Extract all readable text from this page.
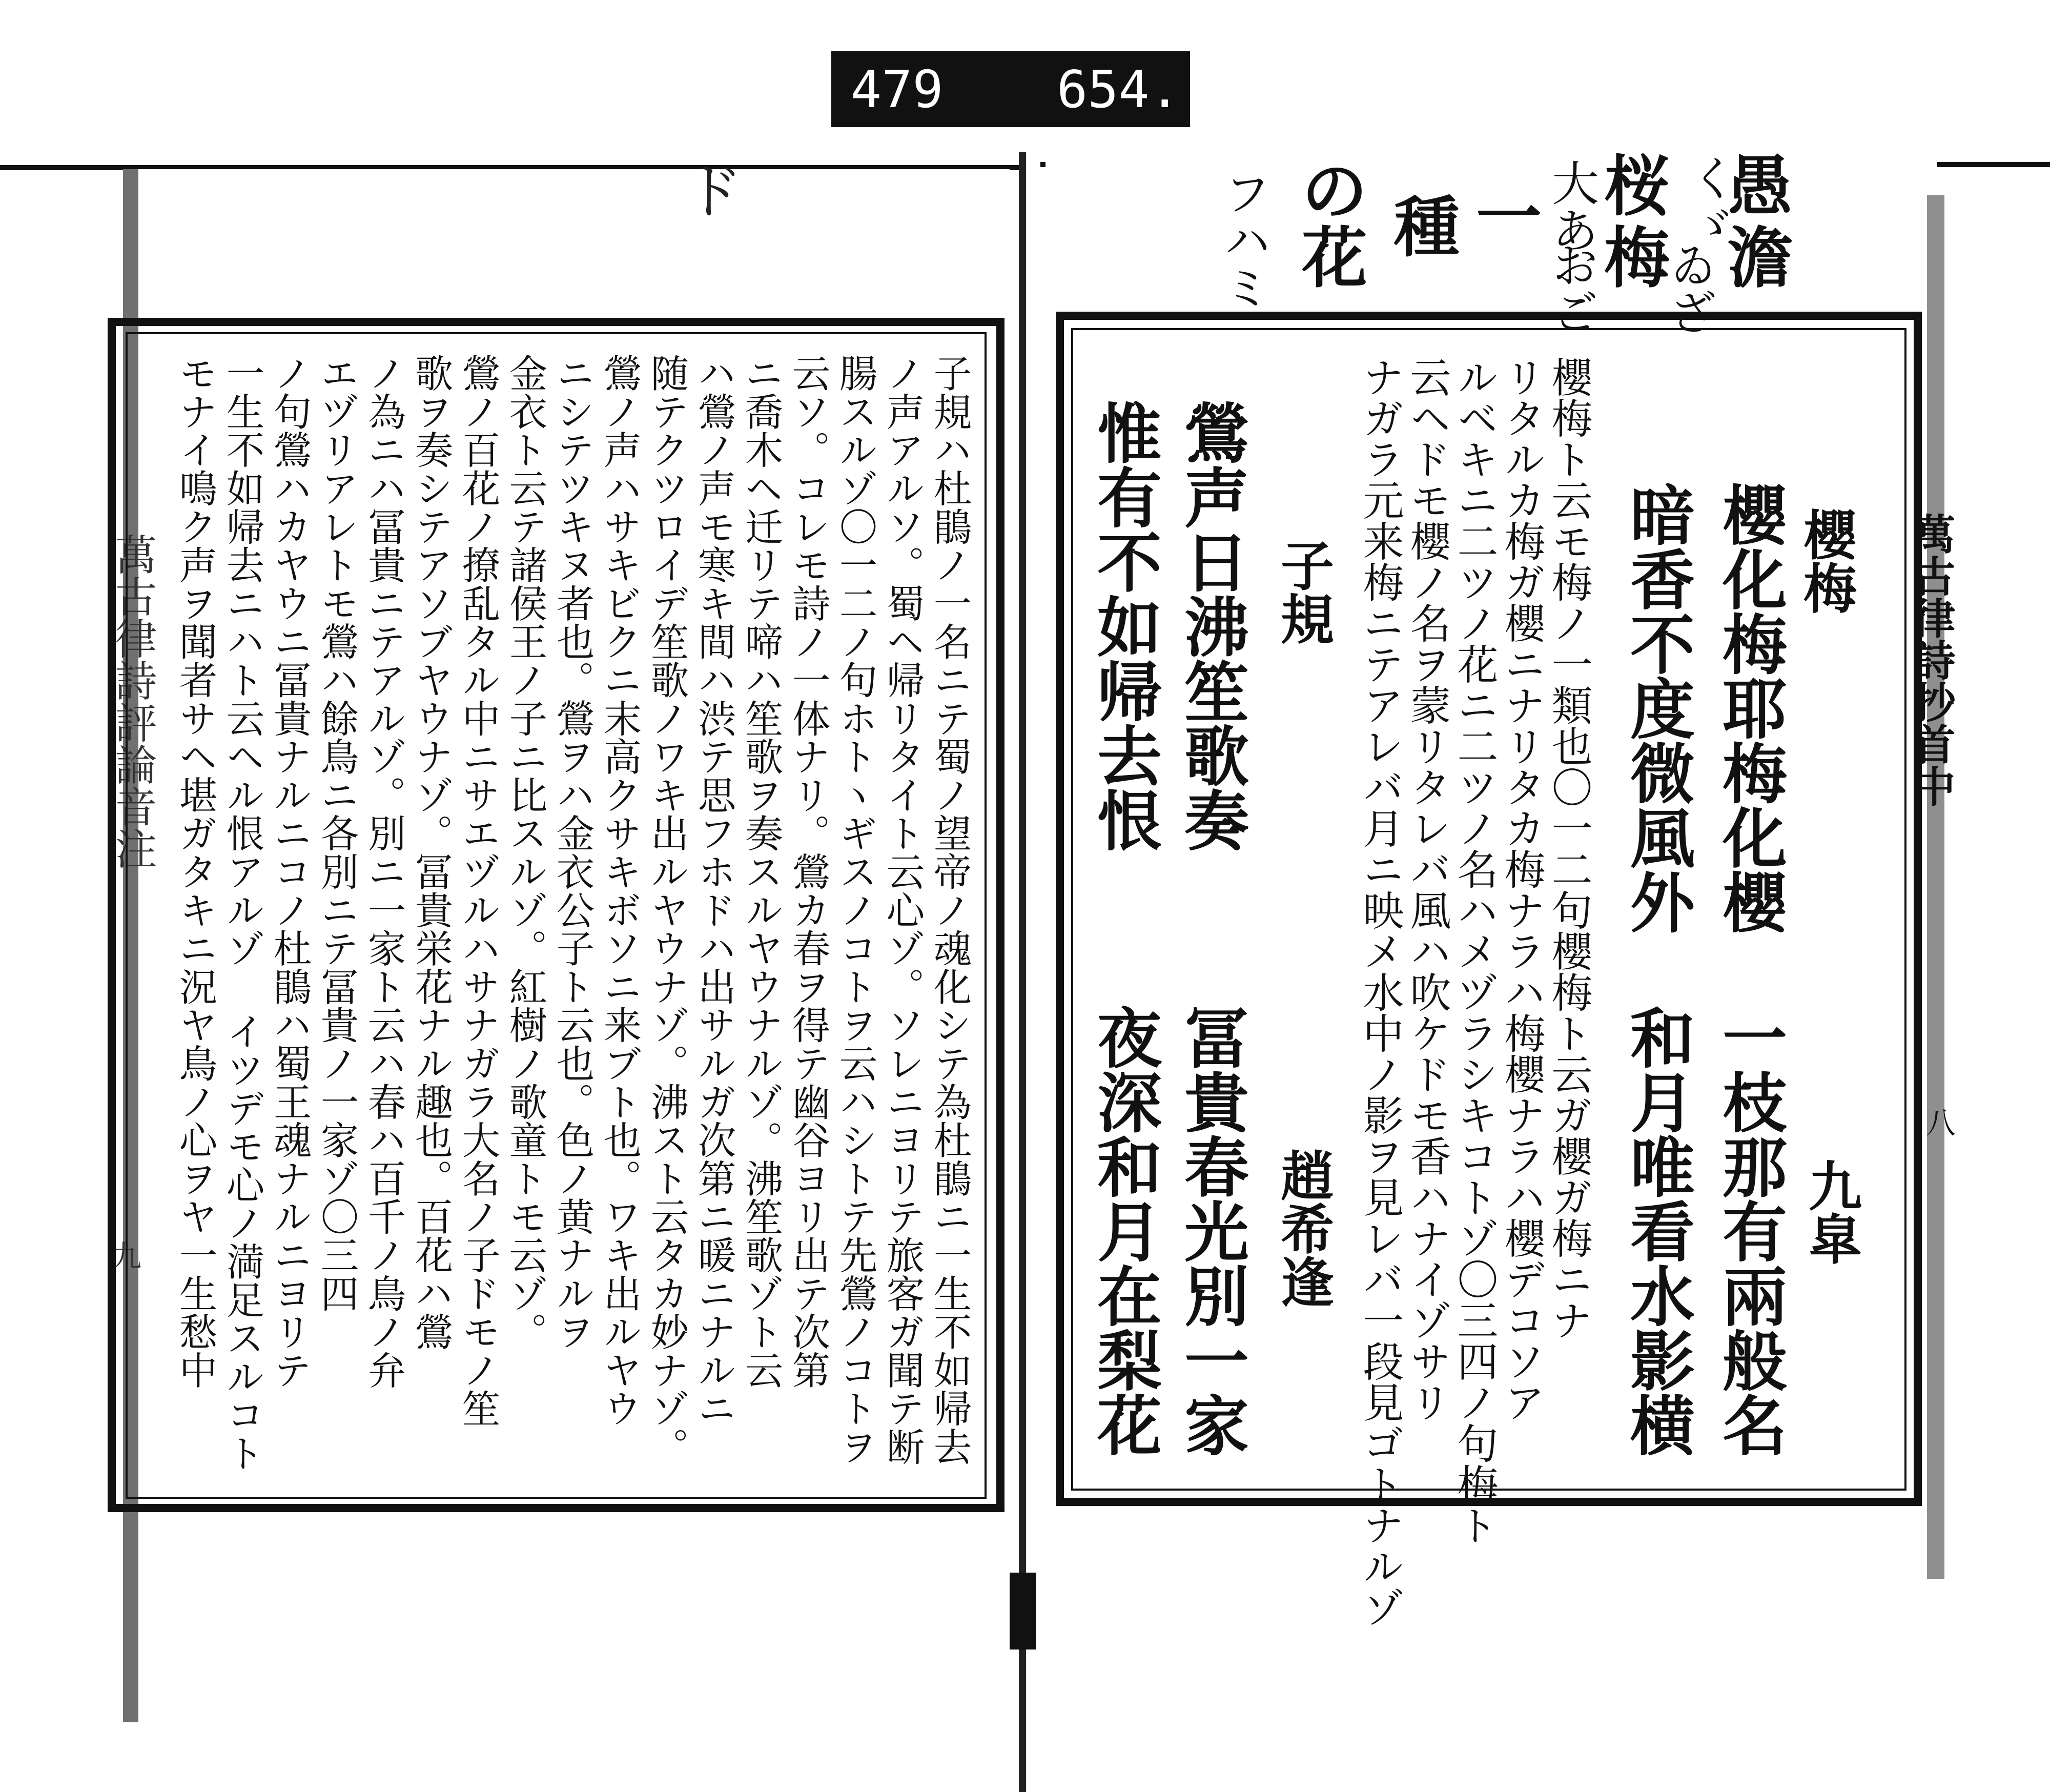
479 654.
ド
萬古律詩評論音注
九	子規ハ杜鵑ノ一名ニテ蜀ノ望帝ノ魂化シテ為杜鵑ニ一生不如帰去
ノ声アルソ。蜀ヘ帰リタイト云心ゾ。ソレニヨリテ旅客ガ聞テ断
腸スルゾ〇一二ノ句ホトヽギスノコトヲ云ハシトテ先鶯ノコトヲ
云ソ。コレモ詩ノ一体ナリ。鶯カ春ヲ得テ幽谷ヨリ出テ次第
ニ喬木ヘ迁リテ啼ハ笙歌ヲ奏スルヤウナルゾ。沸笙歌ゾト云
ハ鶯ノ声モ寒キ間ハ渋テ思フホドハ出サルガ次第ニ暖ニナルニ
随テクツロイデ笙歌ノワキ出ルヤウナゾ。沸スト云タカ妙ナゾ。
鶯ノ声ハサキビクニ末高クサキボソニ来ブト也。ワキ出ルヤウ
ニシテツキヌ者也。鶯ヲハ金衣公子ト云也。色ノ黄ナルヲ
金衣ト云テ諸侯王ノ子ニ比スルゾ。紅樹ノ歌童トモ云ゾ。
鶯ノ百花ノ撩乱タル中ニサエヅルハサナガラ大名ノ子ドモノ笙
歌ヲ奏シテアソブヤウナゾ。冨貴栄花ナル趣也。百花ハ鶯
ノ為ニハ冨貴ニテアルゾ。別ニ一家ト云ハ春ハ百千ノ鳥ノ弁
エヅリアレトモ鶯ハ餘鳥ニ各別ニテ冨貴ノ一家ゾ〇三四
ノ句鶯ハカヤウニ冨貴ナルニコノ杜鵑ハ蜀王魂ナルニヨリテ
一生不如帰去ニハト云ヘル恨アルゾ イツデモ心ノ満足スルコト
モナイ鳴ク声ヲ聞者サヘ堪ガタキニ況ヤ鳥ノ心ヲヤ一生愁中	萬古律詩抄首中
八
愚
澹
桜
梅
一
種
の
花
くゞ
大あ
ゐざ
おご
フハミ
櫻梅
九皐
櫻化梅耶梅化櫻
一枝那有兩般名
暗香不度微風外
和月唯看水影横
櫻梅ト云モ梅ノ一類也〇一二句櫻梅ト云ガ櫻ガ梅ニナ
リタルカ梅ガ櫻ニナリタカ梅ナラハ梅櫻ナラハ櫻デコソア
ルベキニ二ツノ花ニ二ツノ名ハメヅラシキコトゾ〇三四ノ句梅ト
云ヘドモ櫻ノ名ヲ蒙リタレバ風ハ吹ケドモ香ハナイゾサリ
ナガラ元来梅ニテアレバ月ニ映メ水中ノ影ヲ見レバ一段見ゴトナルゾ
子規
趙希逢
鶯声日沸笙歌奏
冨貴春光別一家
惟有不如帰去恨
夜深和月在梨花
